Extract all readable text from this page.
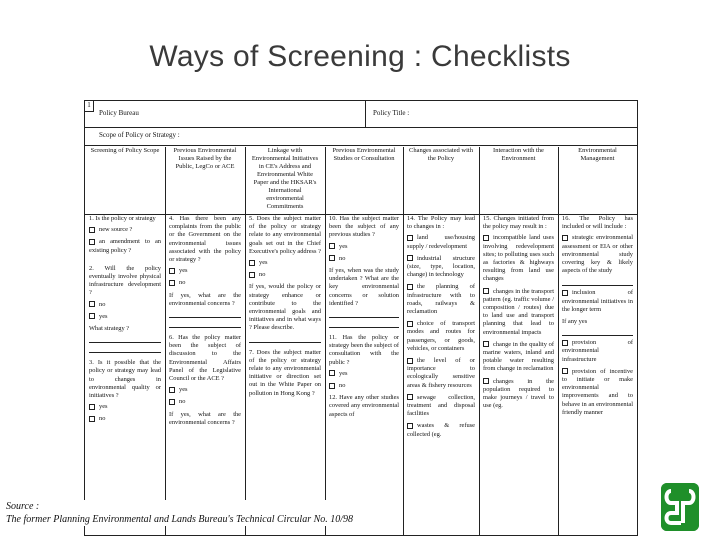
Ways of Screening : Checklists
1
Policy Bureau	Policy Title :
Scope of Policy or Strategy :
Screening of Policy Scope	Previous Environmental Issues Raised by the Public, LegCo or ACE
Linkage with Environmental Initiatives in CE's Address and Environmental White Paper and the HKSAR's International environmental Commitments
Previous Environmental Studies or Consultation
Changes associated with the Policy
Interaction with the Environment
Environmental Management

1. Is the policy or strategy

new source ?
an amendment to an existing policy ?

2. Will the policy eventually involve physical infrastructure development ?

no
yes

What strategy ?

3. Is it possible that the policy or strategy may lead to changes in environmental quality or initiatives ?

yes
no

4. Has there been any complaints from the public or the Government on the environmental issues associated with the policy or strategy ?

yes
no

If yes, what are the environmental concerns ?

6. Has the policy matter been the subject of discussion to the Environmental Affairs Panel of the Legislative Council or the ACE ?

yes
no

If yes, what are the environmental concerns ?

5. Does the subject matter of the policy or strategy relate to any environmental goals set out in the Chief Executive's policy address ?

yes
no

If yes, would the policy or strategy enhance or contribute to the environmental goals and initiatives and in what ways ? Please describe.

7. Does the subject matter of the policy or strategy relate to any environmental initiative or direction set out in the White Paper on pollution in Hong Kong ?

10. Has the subject matter been the subject of any previous studies ?

yes
no

If yes, when was the study undertaken ? What are the key environmental concerns or solution identified ?

11. Has the policy or strategy been the subject of consultation with the public ?

yes
no

12. Have any other studies covered any environmental aspects of

14. The Policy may lead to changes in :

land use/housing supply / redevelopment
industrial structure (size, type, location, change) in technology
the planning of infrastructure with to roads, railways & reclamation
choice of transport modes and routes for passengers, or goods, vehicles, or containers
the level of or importance to ecologically sensitive areas & fishery resources
sewage collection, treatment and disposal facilities
wastes & refuse collected (eg.

15. Changes initiated from the policy may result in :

incompatible land uses involving redevelopment sites; to polluting uses such as factories & highways resulting from land use changes
changes in the transport pattern (eg. traffic volume / composition / routes) due to land use and transport planning that lead to environmental impacts
change in the quality of marine waters, inland and potable water resulting from change in reclamation
changes in the population required to make journeys / travel to use (eg.

16. The Policy has included or will include :

strategic environmental assessment or EIA or other environmental study covering key & likely aspects of the study
inclusion of environmental initiatives in the longer term

If any yes

provision of environmental infrastructure
provision of incentive to initiate or make environmental improvements and to behave in an environmental friendly manner
Source :
The former Planning Environmental and Lands Bureau's Technical Circular No. 10/98
